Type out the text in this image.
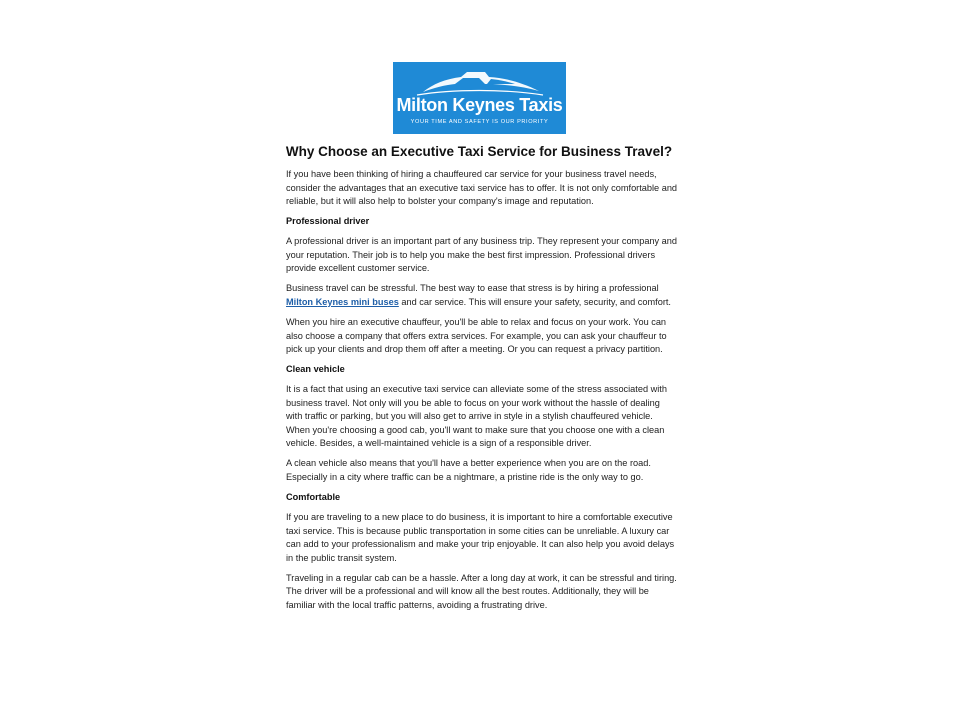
Milton Keynes Taxis
YOUR TIME AND SAFETY IS OUR PRIORITY
Why Choose an Executive Taxi Service for Business Travel?

If you have been thinking of hiring a chauffeured car service for your business travel needs, consider the advantages that an executive taxi service has to offer. It is not only comfortable and reliable, but it will also help to bolster your company's image and reputation.

Professional driver

A professional driver is an important part of any business trip. They represent your company and your reputation. Their job is to help you make the best first impression. Professional drivers provide excellent customer service.

Business travel can be stressful. The best way to ease that stress is by hiring a professional Milton Keynes mini buses and car service. This will ensure your safety, security, and comfort.

When you hire an executive chauffeur, you'll be able to relax and focus on your work. You can also choose a company that offers extra services. For example, you can ask your chauffeur to pick up your clients and drop them off after a meeting. Or you can request a privacy partition.

Clean vehicle

It is a fact that using an executive taxi service can alleviate some of the stress associated with business travel. Not only will you be able to focus on your work without the hassle of dealing with traffic or parking, but you will also get to arrive in style in a stylish chauffeured vehicle. When you're choosing a good cab, you'll want to make sure that you choose one with a clean vehicle. Besides, a well-maintained vehicle is a sign of a responsible driver.

A clean vehicle also means that you'll have a better experience when you are on the road. Especially in a city where traffic can be a nightmare, a pristine ride is the only way to go.

Comfortable

If you are traveling to a new place to do business, it is important to hire a comfortable executive taxi service. This is because public transportation in some cities can be unreliable. A luxury car can add to your professionalism and make your trip enjoyable. It can also help you avoid delays in the public transit system.

Traveling in a regular cab can be a hassle. After a long day at work, it can be stressful and tiring. The driver will be a professional and will know all the best routes. Additionally, they will be familiar with the local traffic patterns, avoiding a frustrating drive.
